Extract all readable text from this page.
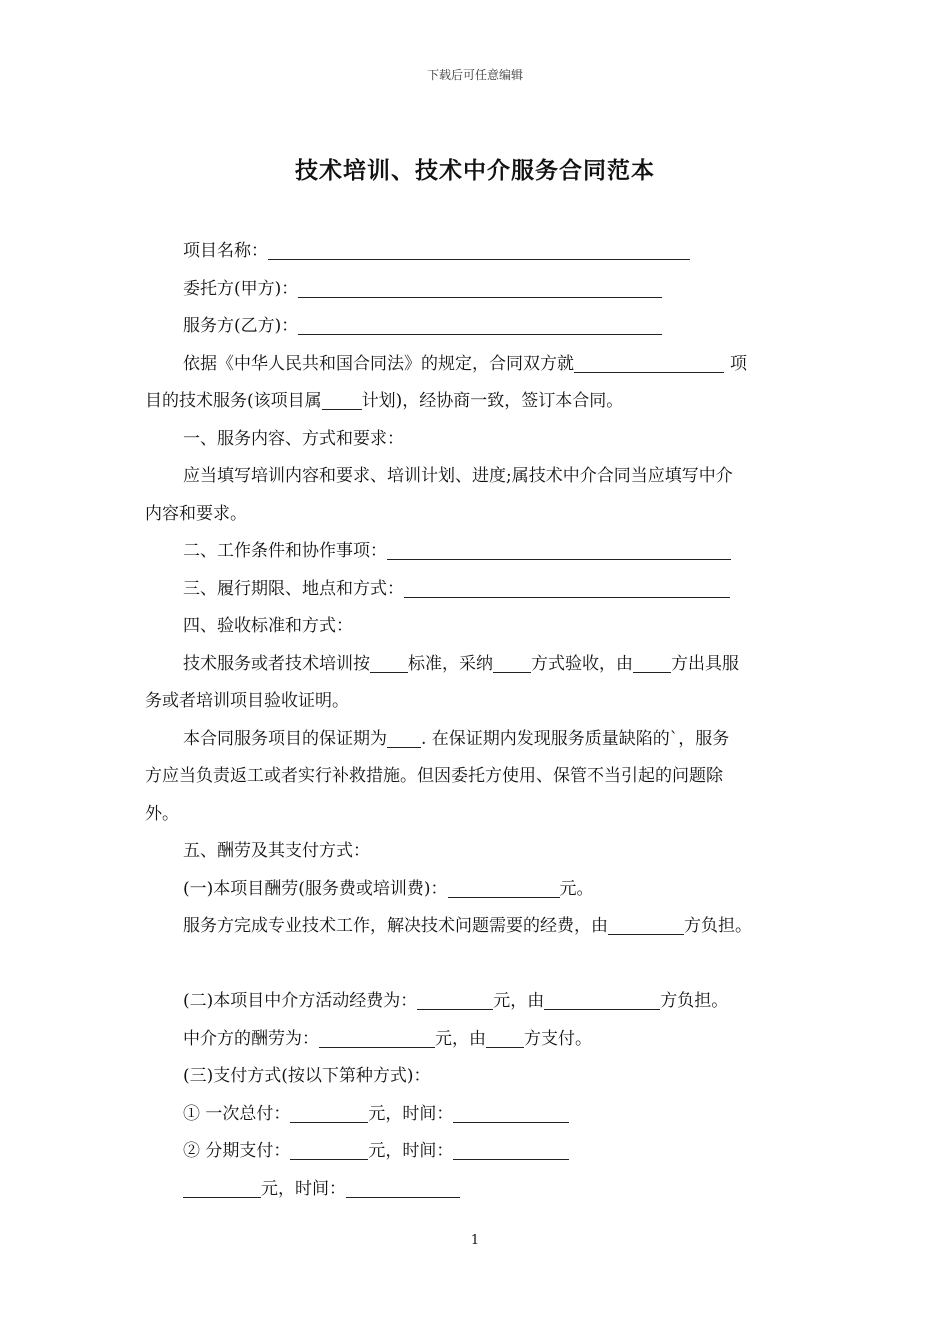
下载后可任意编辑
技术培训、技术中介服务合同范本
项目名称：
委托方(甲方)：
服务方(乙方)：
依据《中华人民共和国合同法》的规定，合同双方就	项
目的技术服务(该项目属 计划)，经协商一致，签订本合同。
一、服务内容、方式和要求：
应当填写培训内容和要求、培训计划、进度;属技术中介合同当应填写中介
内容和要求。
二、工作条件和协作事项：
三、履行期限、地点和方式：
四、验收标准和方式：
技术服务或者技术培训按 标准，采纳 方式验收，由 方出具服
务或者培训项目验收证明。
本合同服务项目的保证期为 . 在保证期内发现服务质量缺陷的`，服务
方应当负责返工或者实行补救措施。但因委托方使用、保管不当引起的问题除
外。
五、酬劳及其支付方式：
(一)本项目酬劳(服务费或培训费)：	元。
服务方完成专业技术工作，解决技术问题需要的经费，由	方负担。
(二)本项目中介方活动经费为：	元，由	方负担。
中介方的酬劳为：	元，由 方支付。
(三)支付方式(按以下第种方式)：
① 一次总付：	元，时间：
② 分期支付：	元，时间：
元，时间：
1
